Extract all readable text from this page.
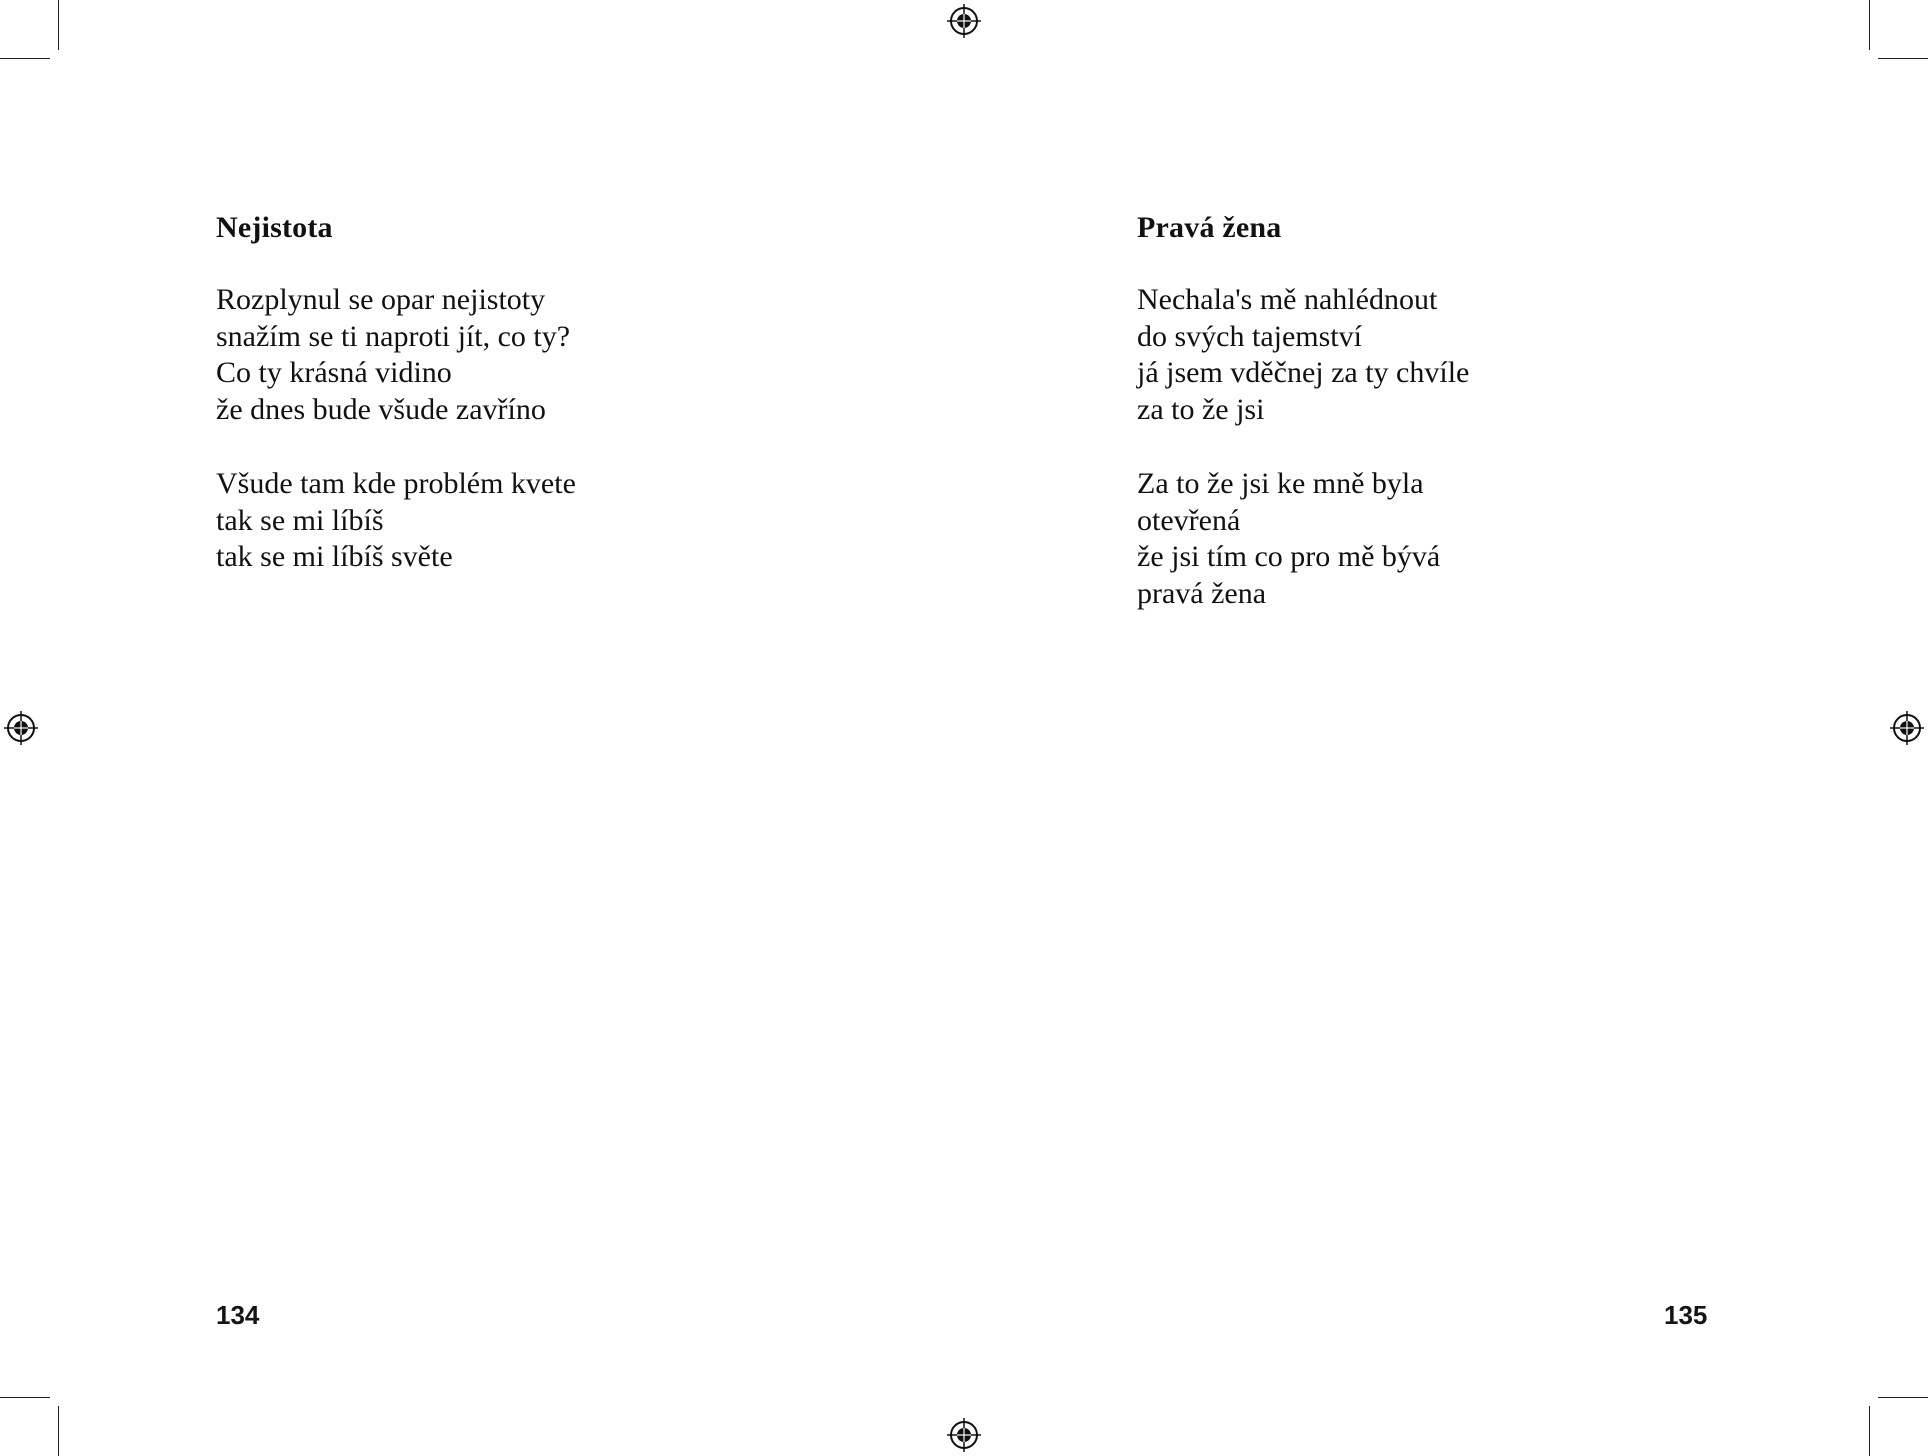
Nejistota
Rozplynul se opar nejistoty
snažím se ti naproti jít, co ty?
Co ty krásná vidino
že dnes bude všude zavříno
Všude tam kde problém kvete
tak se mi líbíš
tak se mi líbíš světe
134
Pravá žena
Nechala's mě nahlédnout
do svých tajemství
já jsem vděčnej za ty chvíle
za to že jsi
Za to že jsi ke mně byla
otevřená
že jsi tím co pro mě bývá
pravá žena
135
